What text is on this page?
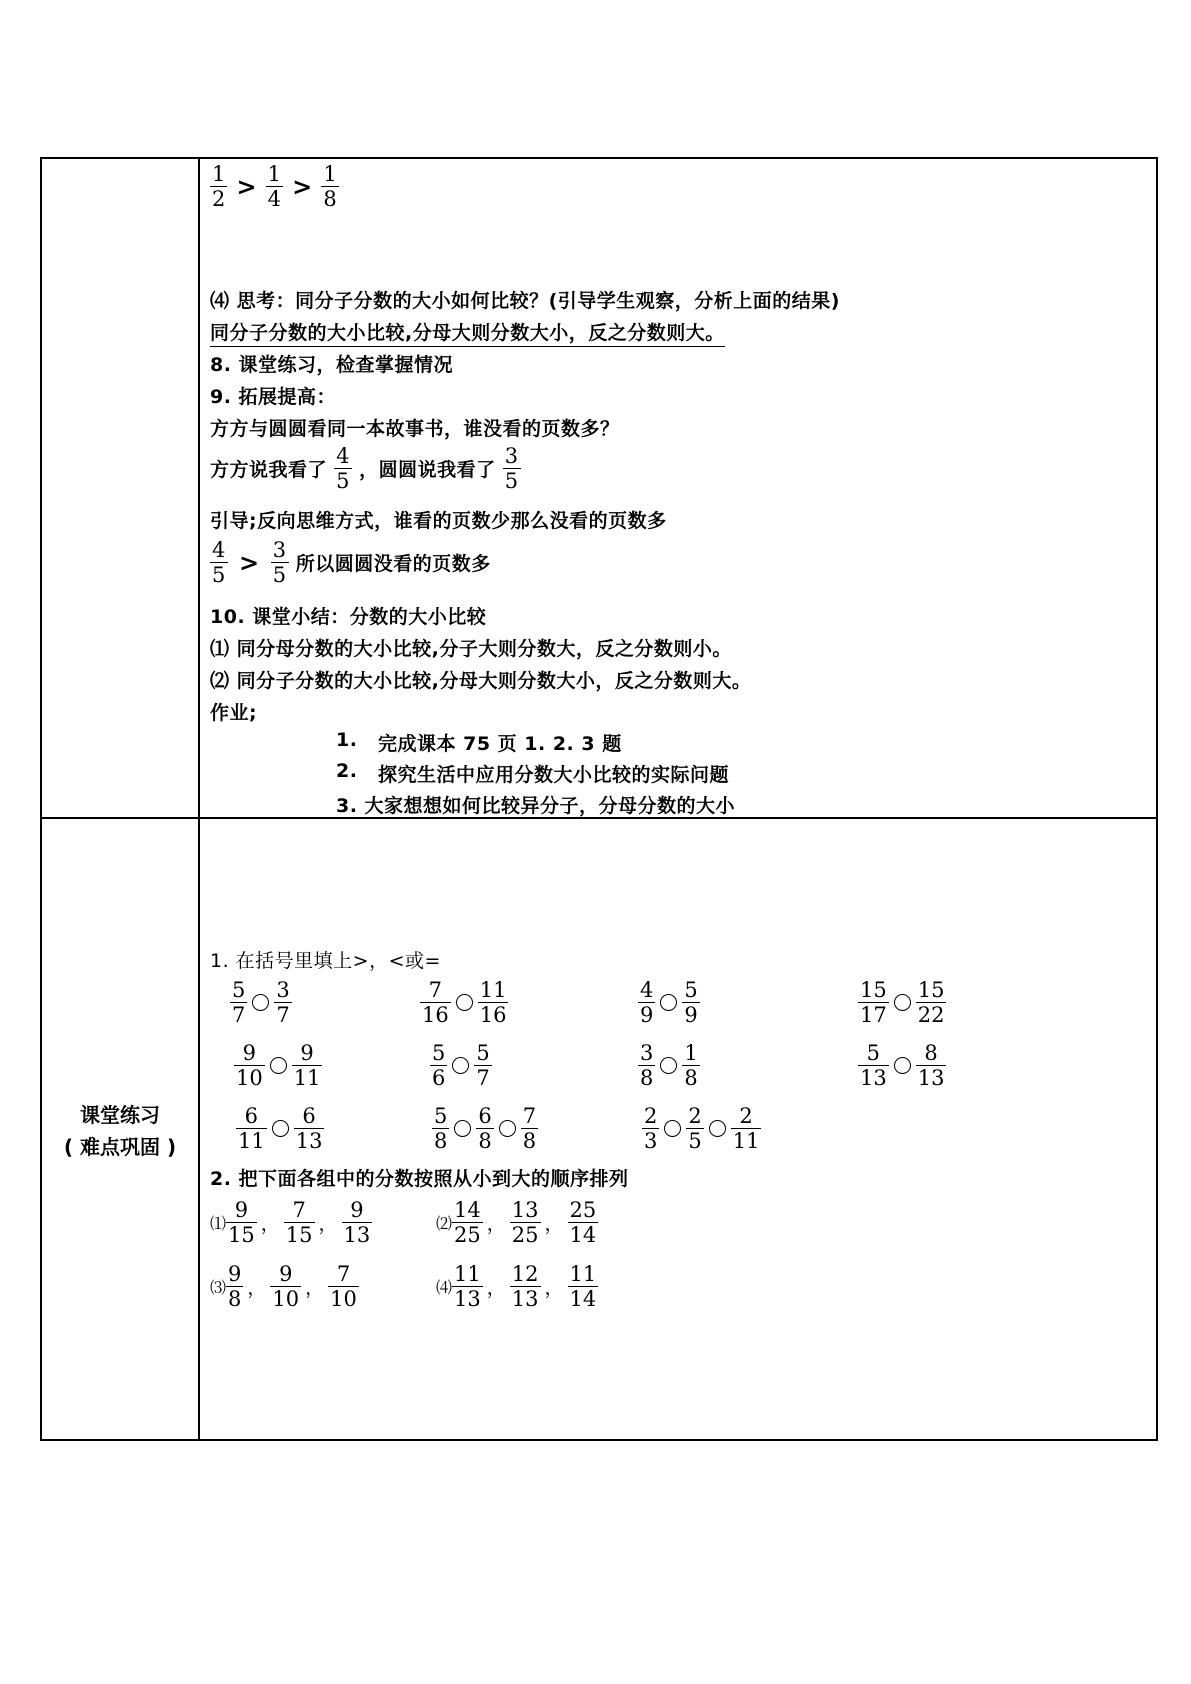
课堂练习
( 难点巩固 )
$\frac{1}{2} > \frac{1}{4} > \frac{1}{8}$
⑷ 思考：同分子分数的大小如何比较？(引导学生观察，分析上面的结果)
同分子分数的大小比较,分母大则分数大小，反之分数则大。
8. 课堂练习，检查掌握情况
9. 拓展提高：
方方与圆圆看同一本故事书，谁没看的页数多？
方方说我看了 $\frac{4}{5}$ ，圆圆说我看了 $\frac{3}{5}$
引导;反向思维方式，谁看的页数少那么没看的页数多
$\frac{4}{5} > \frac{3}{5}$ 所以圆圆没看的页数多
10. 课堂小结：分数的大小比较
⑴ 同分母分数的大小比较,分子大则分数大，反之分数则小。
⑵ 同分子分数的大小比较,分母大则分数大小，反之分数则大。
作业;
1. 完成课本 75 页 1. 2. 3 题
2. 探究生活中应用分数大小比较的实际问题
3. 大家想想如何比较异分子，分母分数的大小
1. 在括号里填上>，<或=
$\frac{5}{7} \frac{3}{7}$	$\frac{7}{16} \frac{11}{16}$	$\frac{4}{9} \frac{5}{9}$	$\frac{15}{17} \frac{15}{22}$
$\frac{9}{10} \frac{9}{11}$	$\frac{5}{6} \frac{5}{7}$	$\frac{3}{8} \frac{1}{8}$	$\frac{5}{13} \frac{8}{13}$
$\frac{6}{11} \frac{6}{13}$	$\frac{5}{8} \frac{6}{8} \frac{7}{8}$	$\frac{2}{3} \frac{2}{5} \frac{2}{11}$
2. 把下面各组中的分数按照从小到大的顺序排列
⑴ $\frac{9}{15}$ ， $\frac{7}{15}$ ， $\frac{9}{13}$	⑵ $\frac{14}{25}$ ， $\frac{13}{25}$ ， $\frac{25}{14}$
⑶ $\frac{9}{8}$ ， $\frac{9}{10}$ ， $\frac{7}{10}$	⑷ $\frac{11}{13}$ ， $\frac{12}{13}$ ， $\frac{11}{14}$
